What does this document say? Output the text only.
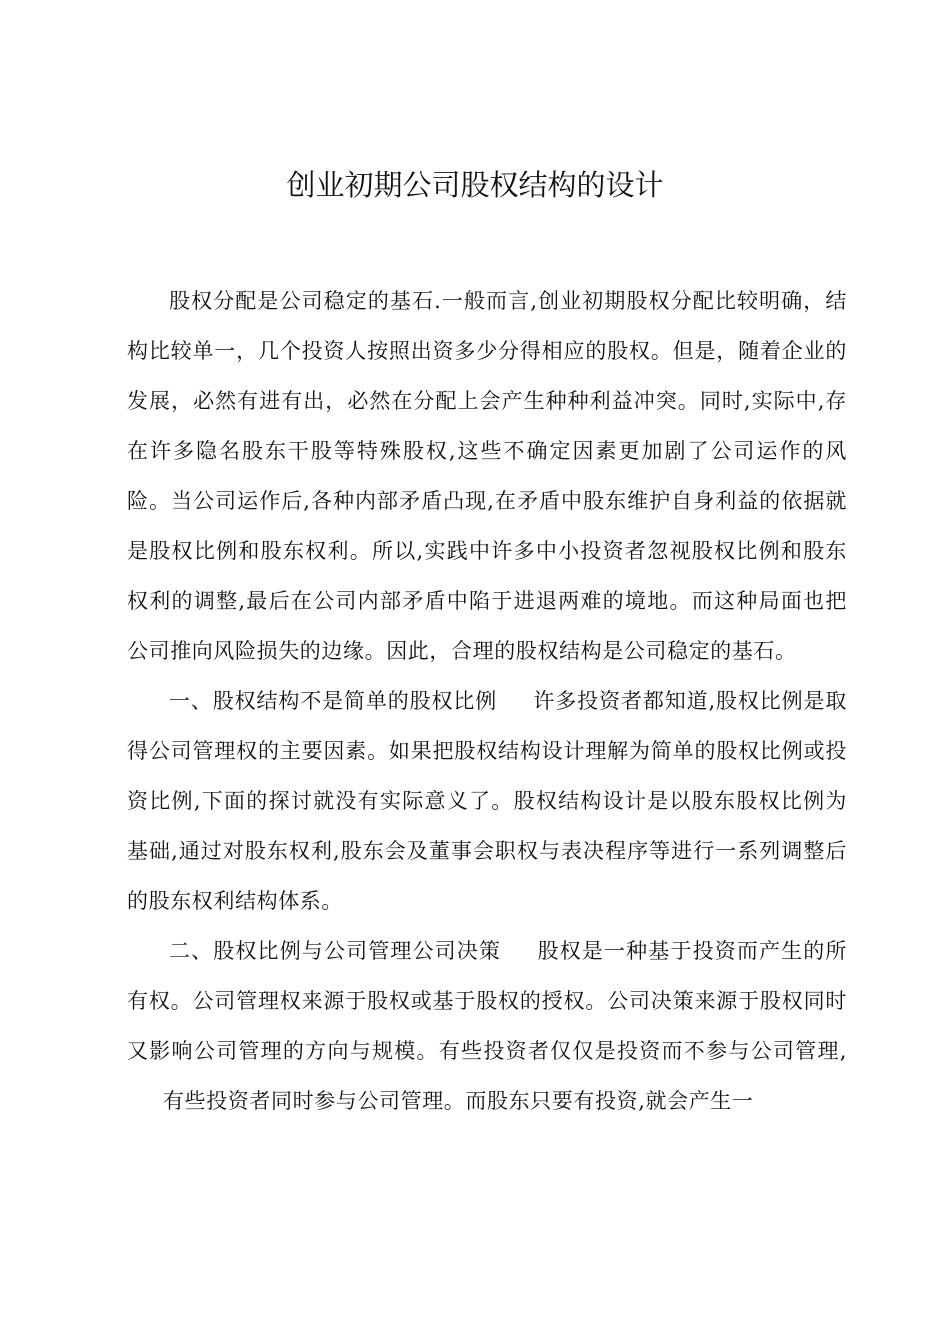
创业初期公司股权结构的设计

股权分配是公司稳定的基石.一般而言,创业初期股权分配比较明确，结构比较单一，几个投资人按照出资多少分得相应的股权。但是，随着企业的发展，必然有进有出，必然在分配上会产生种种利益冲突。同时,实际中,存在许多隐名股东干股等特殊股权,这些不确定因素更加剧了公司运作的风险。当公司运作后,各种内部矛盾凸现,在矛盾中股东维护自身利益的依据就是股权比例和股东权利。所以,实践中许多中小投资者忽视股权比例和股东权利的调整,最后在公司内部矛盾中陷于进退两难的境地。而这种局面也把公司推向风险损失的边缘。因此，合理的股权结构是公司稳定的基石。

一、股权结构不是简单的股权比例 许多投资者都知道,股权比例是取得公司管理权的主要因素。如果把股权结构设计理解为简单的股权比例或投资比例,下面的探讨就没有实际意义了。股权结构设计是以股东股权比例为基础,通过对股东权利,股东会及董事会职权与表决程序等进行一系列调整后的股东权利结构体系。

二、股权比例与公司管理公司决策 股权是一种基于投资而产生的所有权。公司管理权来源于股权或基于股权的授权。公司决策来源于股权同时又影响公司管理的方向与规模。有些投资者仅仅是投资而不参与公司管理,有些投资者同时参与公司管理。而股东只要有投资,就会产生一
